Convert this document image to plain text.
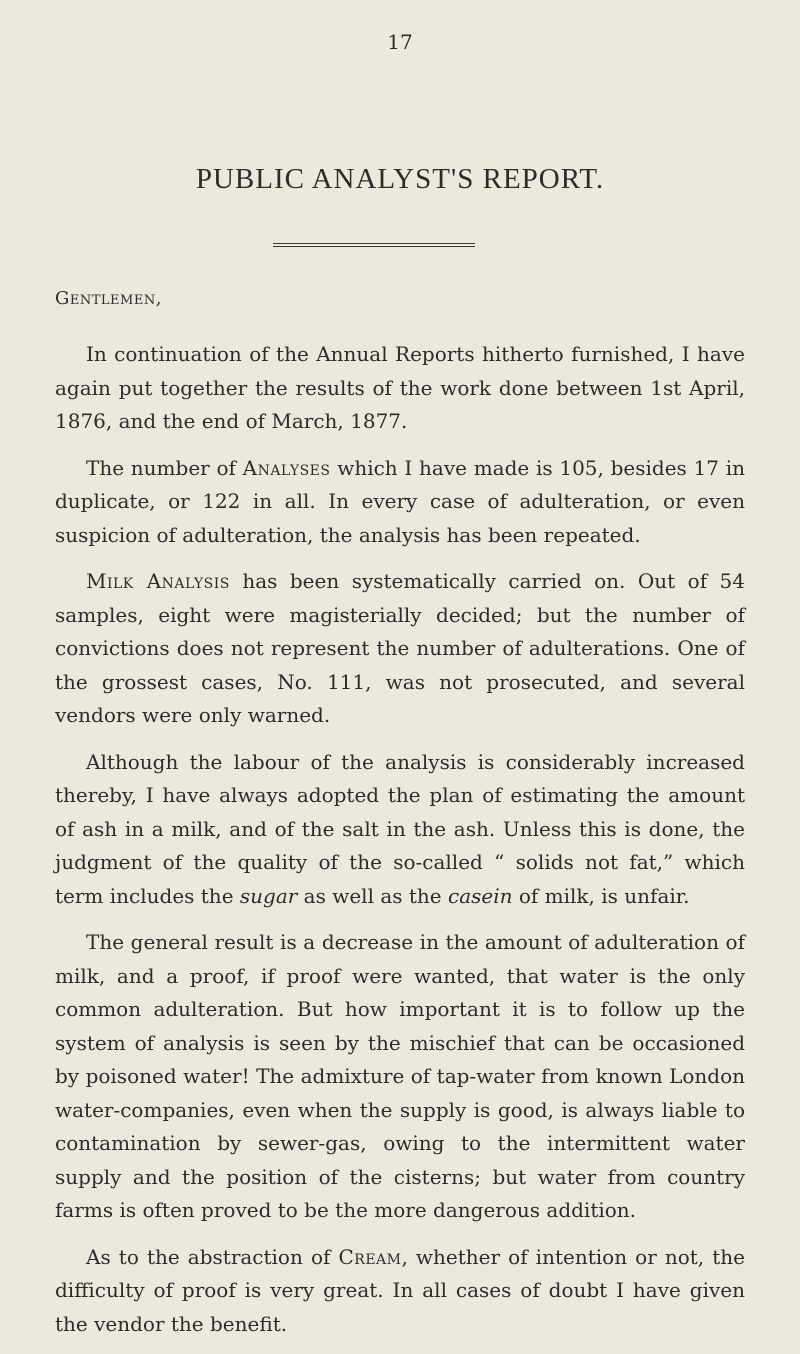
17
PUBLIC ANALYST'S REPORT.
Gentlemen,

In continuation of the Annual Reports hitherto furnished, I have again put together the results of the work done between 1st April, 1876, and the end of March, 1877.

The number of Analyses which I have made is 105, besides 17 in duplicate, or 122 in all. In every case of adulteration, or even suspicion of adulteration, the analysis has been repeated.

Milk Analysis has been systematically carried on. Out of 54 samples, eight were magisterially decided; but the number of convictions does not represent the number of adulterations. One of the grossest cases, No. 111, was not prosecuted, and several vendors were only warned.

Although the labour of the analysis is considerably increased thereby, I have always adopted the plan of estimating the amount of ash in a milk, and of the salt in the ash. Unless this is done, the judgment of the quality of the so-called “ solids not fat,” which term includes the sugar as well as the casein of milk, is unfair.

The general result is a decrease in the amount of adulteration of milk, and a proof, if proof were wanted, that water is the only common adulteration. But how important it is to follow up the system of analysis is seen by the mischief that can be occasioned by poisoned water! The admixture of tap-water from known London water-companies, even when the supply is good, is always liable to contamination by sewer-gas, owing to the intermittent water supply and the position of the cisterns; but water from country farms is often proved to be the more dangerous addition.

As to the abstraction of Cream, whether of intention or not, the difficulty of proof is very great. In all cases of doubt I have given the vendor the benefit.
